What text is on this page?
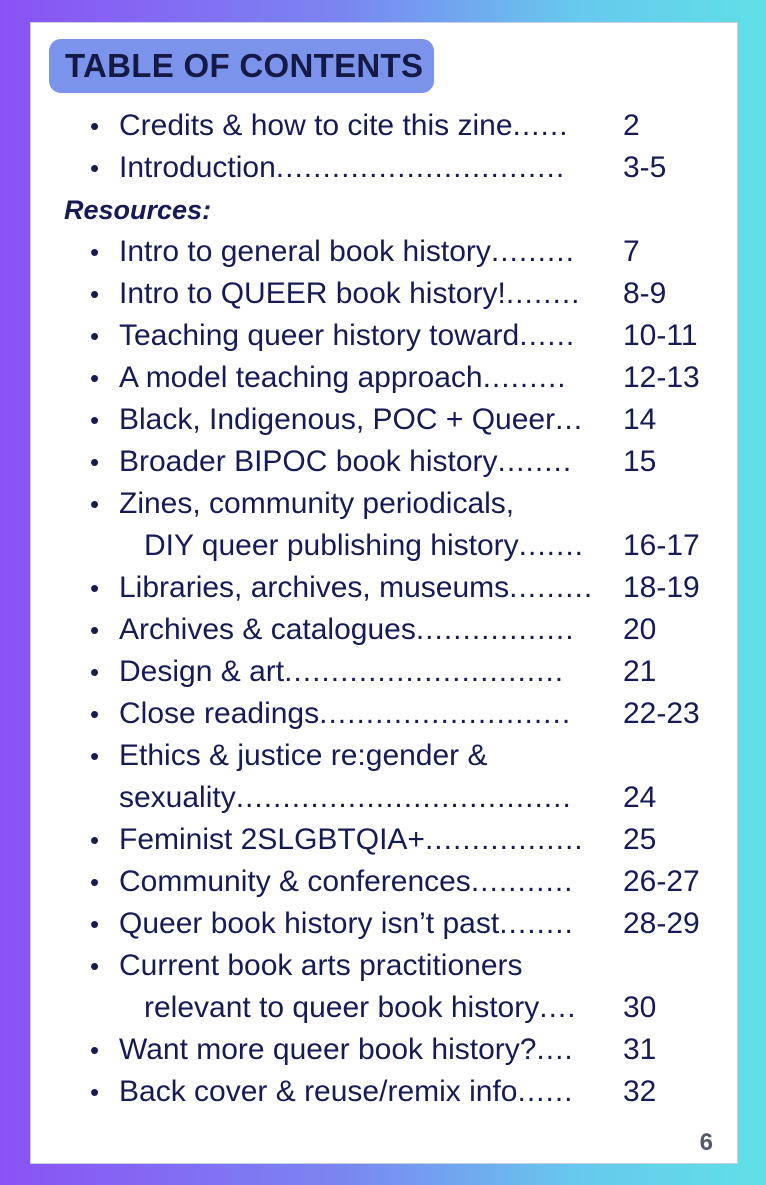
TABLE OF CONTENTS
• Credits & how to cite this zine...... 2
• Introduction............................... 3-5
Resources:
• Intro to general book history......... 7
• Intro to QUEER book history!........ 8-9
• Teaching queer history toward...... 10-11
• A model teaching approach......... 12-13
• Black, Indigenous, POC + Queer... 14
• Broader BIPOC book history........ 15
• Zines, community periodicals,
DIY queer publishing history....... 16-17
• Libraries, archives, museums......... 18-19
• Archives & catalogues................. 20
• Design & art.............................. 21
• Close readings........................... 22-23
• Ethics & justice re:gender &
sexuality.................................... 24
• Feminist 2SLGBTQIA+................. 25
• Community & conferences........... 26-27
• Queer book history isn’t past........ 28-29
• Current book arts practitioners
relevant to queer book history.... 30
• Want more queer book history?.... 31
• Back cover & reuse/remix info...... 32
6
